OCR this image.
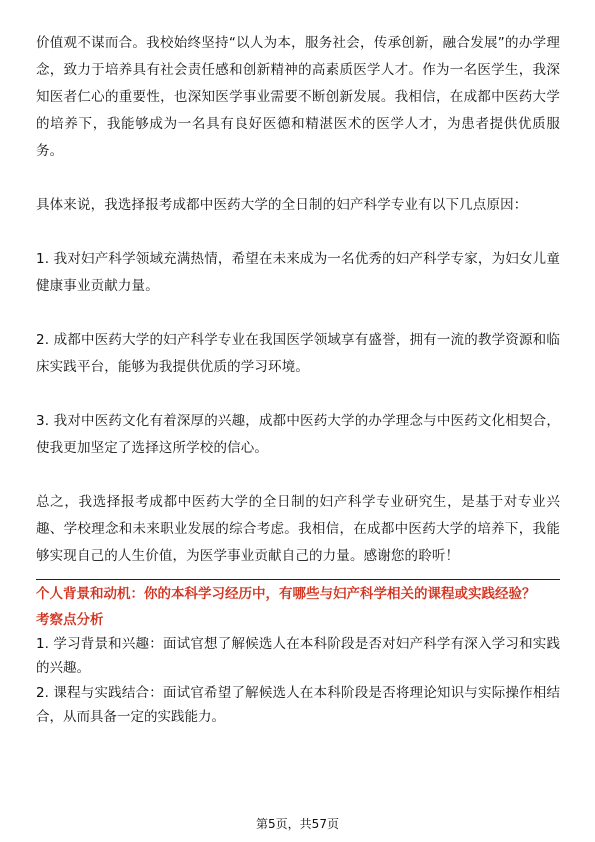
价值观不谋而合。我校始终坚持“以人为本，服务社会，传承创新，融合发展”的办学理念，致力于培养具有社会责任感和创新精神的高素质医学人才。作为一名医学生，我深知医者仁心的重要性，也深知医学事业需要不断创新发展。我相信，在成都中医药大学的培养下，我能够成为一名具有良好医德和精湛医术的医学人才，为患者提供优质服务。

具体来说，我选择报考成都中医药大学的全日制的妇产科学专业有以下几点原因：

1. 我对妇产科学领域充满热情，希望在未来成为一名优秀的妇产科学专家，为妇女儿童健康事业贡献力量。

2. 成都中医药大学的妇产科学专业在我国医学领域享有盛誉，拥有一流的教学资源和临床实践平台，能够为我提供优质的学习环境。

3. 我对中医药文化有着深厚的兴趣，成都中医药大学的办学理念与中医药文化相契合，使我更加坚定了选择这所学校的信心。

总之，我选择报考成都中医药大学的全日制的妇产科学专业研究生，是基于对专业兴趣、学校理念和未来职业发展的综合考虑。我相信，在成都中医药大学的培养下，我能够实现自己的人生价值，为医学事业贡献自己的力量。感谢您的聆听！

个人背景和动机：你的本科学习经历中，有哪些与妇产科学相关的课程或实践经验？

考察点分析

1. 学习背景和兴趣：面试官想了解候选人在本科阶段是否对妇产科学有深入学习和实践的兴趣。

2. 课程与实践结合：面试官希望了解候选人在本科阶段是否将理论知识与实际操作相结合，从而具备一定的实践能力。

第5页，共57页
